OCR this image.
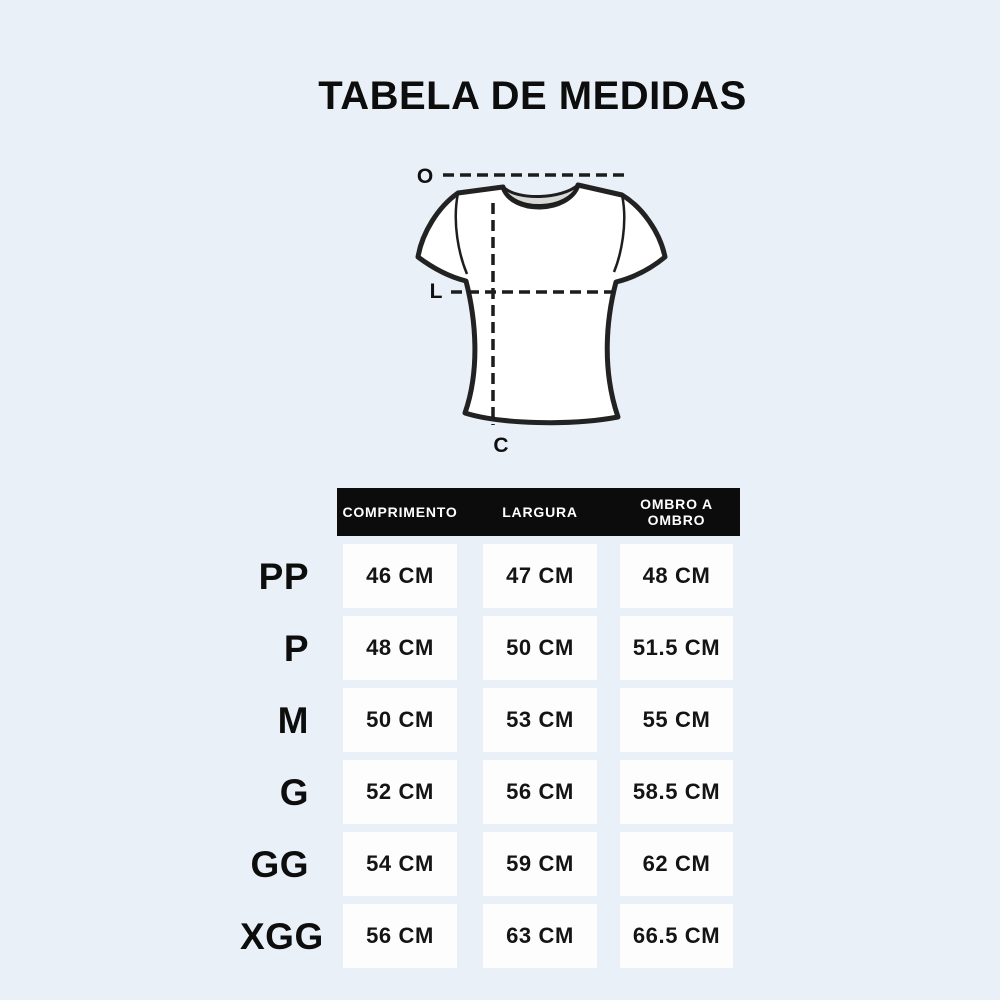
TABELA DE MEDIDAS
O
L
C
COMPRIMENTO	LARGURA	OMBRO A OMBRO
PP	46 CM	47 CM	48 CM
P	48 CM	50 CM	51.5 CM
M	50 CM	53 CM	55 CM
G	52 CM	56 CM	58.5 CM
GG	54 CM	59 CM	62 CM
XGG	56 CM	63 CM	66.5 CM
